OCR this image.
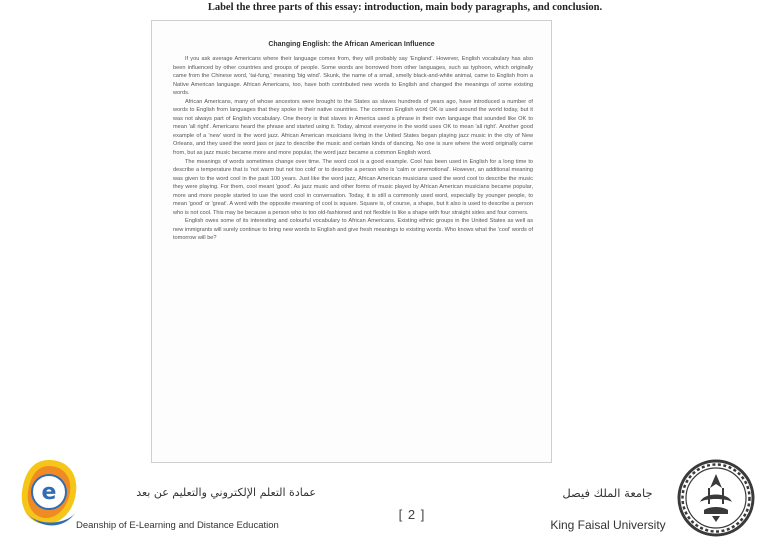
Label the three parts of this essay: introduction, main body paragraphs, and conclusion.
Changing English: the African American Influence

If you ask average Americans where their language comes from, they will probably say 'England'. However, English vocabulary has also been influenced by other countries and groups of people. Some words are borrowed from other languages, such as typhoon, which originally came from the Chinese word, 'tai-fung,' meaning 'big wind'. Skunk, the name of a small, smelly black-and-white animal, came to English from a Native American language. African Americans, too, have both contributed new words to English and changed the meanings of some existing words.

African Americans, many of whose ancestors were brought to the States as slaves hundreds of years ago, have introduced a number of words to English from languages that they spoke in their native countries. The common English word OK is used around the world today, but it was not always part of English vocabulary. One theory is that slaves in America used a phrase in their own language that sounded like OK to mean 'all right'. Americans heard the phrase and started using it. Today, almost everyone in the world uses OK to mean 'all right'. Another good example of a 'new' word is the word jazz. African American musicians living in the United States began playing jazz music in the city of New Orleans, and they used the word jass or jazz to describe the music and certain kinds of dancing. No one is sure where the word originally came from, but as jazz music became more and more popular, the word jazz became a common English word.

The meanings of words sometimes change over time. The word cool is a good example. Cool has been used in English for a long time to describe a temperature that is 'not warm but not too cold' or to describe a person who is 'calm or unemotional'. However, an additional meaning was given to the word cool in the past 100 years. Just like the word jazz, African American musicians used the word cool to describe the music they were playing. For them, cool meant 'good'. As jazz music and other forms of music played by African American musicians became popular, more and more people started to use the word cool in conversation. Today, it is still a commonly used word, especially by younger people, to mean 'good' or 'great'. A word with the opposite meaning of cool is square. Square is, of course, a shape, but it also is used to describe a person who is not cool. This may be because a person who is too old-fashioned and not flexible is like a shape with four straight sides and four corners.

English owes some of its interesting and colourful vocabulary to African Americans. Existing ethnic groups in the United States as well as new immigrants will surely continue to bring new words to English and give fresh meanings to existing words. Who knows what the 'cool' words of tomorrow will be?

e	عمادة التعلم الإلكتروني والتعليم عن بعد
Deanship of E-Learning and Distance Education
[ 2 ]
جامعة الملك فيصل
King Faisal University
